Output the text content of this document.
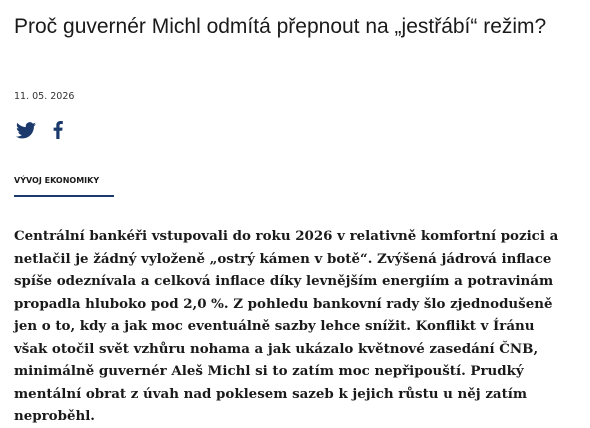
Proč guvernér Michl odmítá přepnout na „jestřábí“ režim?
11. 05. 2026
VÝVOJ EKONOMIKY

Centrální bankéři vstupovali do roku 2026 v relativně komfortní pozici a netlačil je žádný vyloženě „ostrý kámen v botě“. Zvýšená jádrová inflace spíše odeznívala a celková inflace díky levnějším energiím a potravinám propadla hluboko pod 2,0 %. Z pohledu bankovní rady šlo zjednodušeně jen o to, kdy a jak moc eventuálně sazby lehce snížit. Konflikt v Íránu však otočil svět vzhůru nohama a jak ukázalo květnové zasedání ČNB, minimálně guvernér Aleš Michl si to zatím moc nepřipouští. Prudký mentální obrat z úvah nad poklesem sazeb k jejich růstu u něj zatím neproběhl.
